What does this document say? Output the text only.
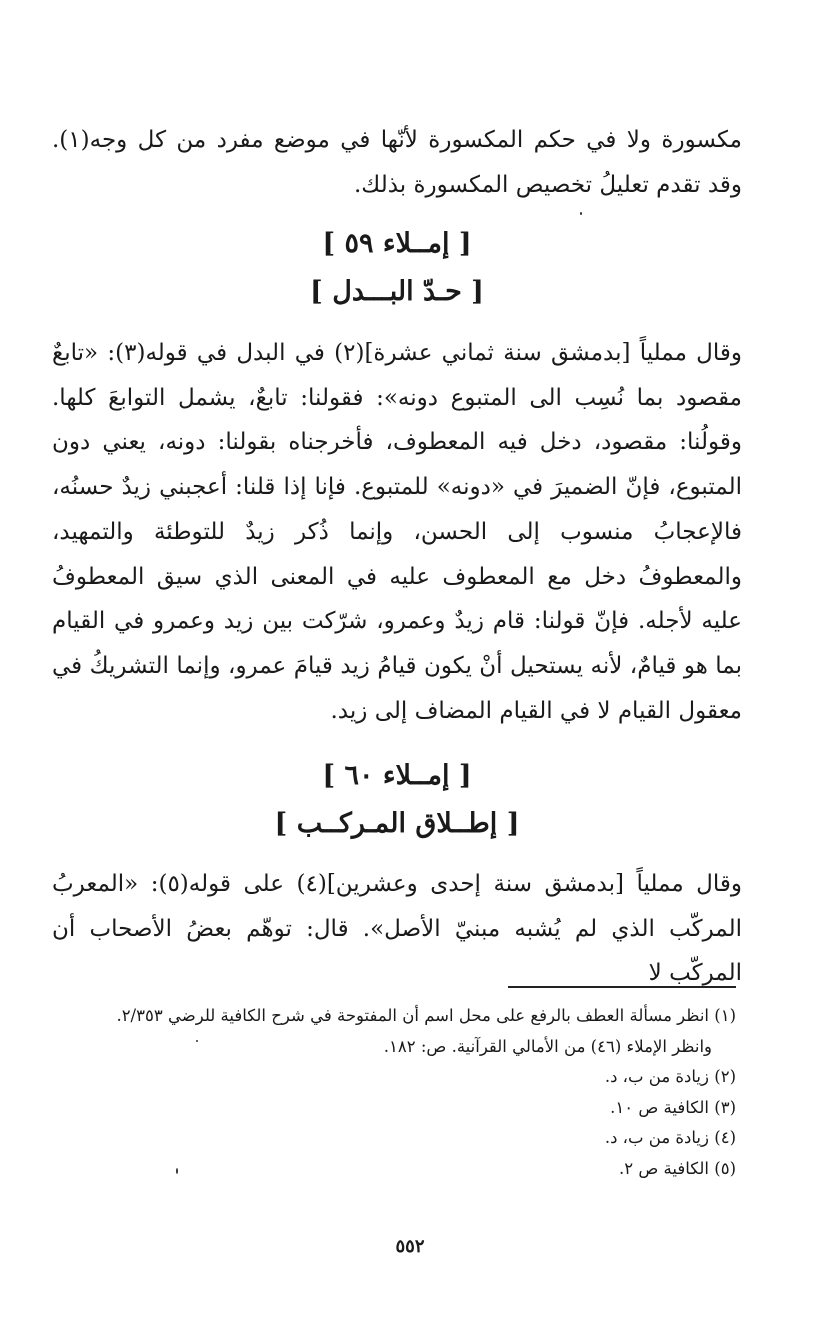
مكسورة ولا في حكم المكسورة لأنّها في موضع مفرد من كل وجه(١). وقد تقدم تعليلُ تخصيص المكسورة بذلك.

[ إمــلاء ٥٩ ]

[ حـدّ البـــدل ]

وقال مملياً [بدمشق سنة ثماني عشرة](٢) في البدل في قوله(٣): «تابعٌ مقصود بما نُسِب الى المتبوع دونه»: فقولنا: تابعٌ، يشمل التوابعَ كلها. وقولُنا: مقصود، دخل فيه المعطوف، فأخرجناه بقولنا: دونه، يعني دون المتبوع، فإنّ الضميرَ في «دونه» للمتبوع. فإنا إذا قلنا: أعجبني زيدٌ حسنُه، فالإعجابُ منسوب إلى الحسن، وإنما ذُكر زيدٌ للتوطئة والتمهيد، والمعطوفُ دخل مع المعطوف عليه في المعنى الذي سيق المعطوفُ عليه لأجله. فإنّ قولنا: قام زيدٌ وعمرو، شرّكت بين زيد وعمرو في القيام بما هو قيامٌ، لأنه يستحيل أنْ يكون قيامُ زيد قيامَ عمرو، وإنما التشريكُ في معقول القيام لا في القيام المضاف إلى زيد.

[ إمــلاء ٦٠ ]

[ إطــلاق المـركــب ]

وقال مملياً [بدمشق سنة إحدى وعشرين](٤) على قوله(٥): «المعربُ المركّب الذي لم يُشبه مبنيّ الأصل». قال: توهّم بعضُ الأصحاب أن المركّب لا

(١) انظر مسألة العطف بالرفع على محل اسم أن المفتوحة في شرح الكافية للرضي ٢/٣٥٣.

وانظر الإملاء (٤٦) من الأمالي القرآنية. ص: ١٨٢.

(٢) زيادة من ب، د.

(٣) الكافية ص ١٠.

(٤) زيادة من ب، د.

(٥) الكافية ص ٢.

٥٥٢
